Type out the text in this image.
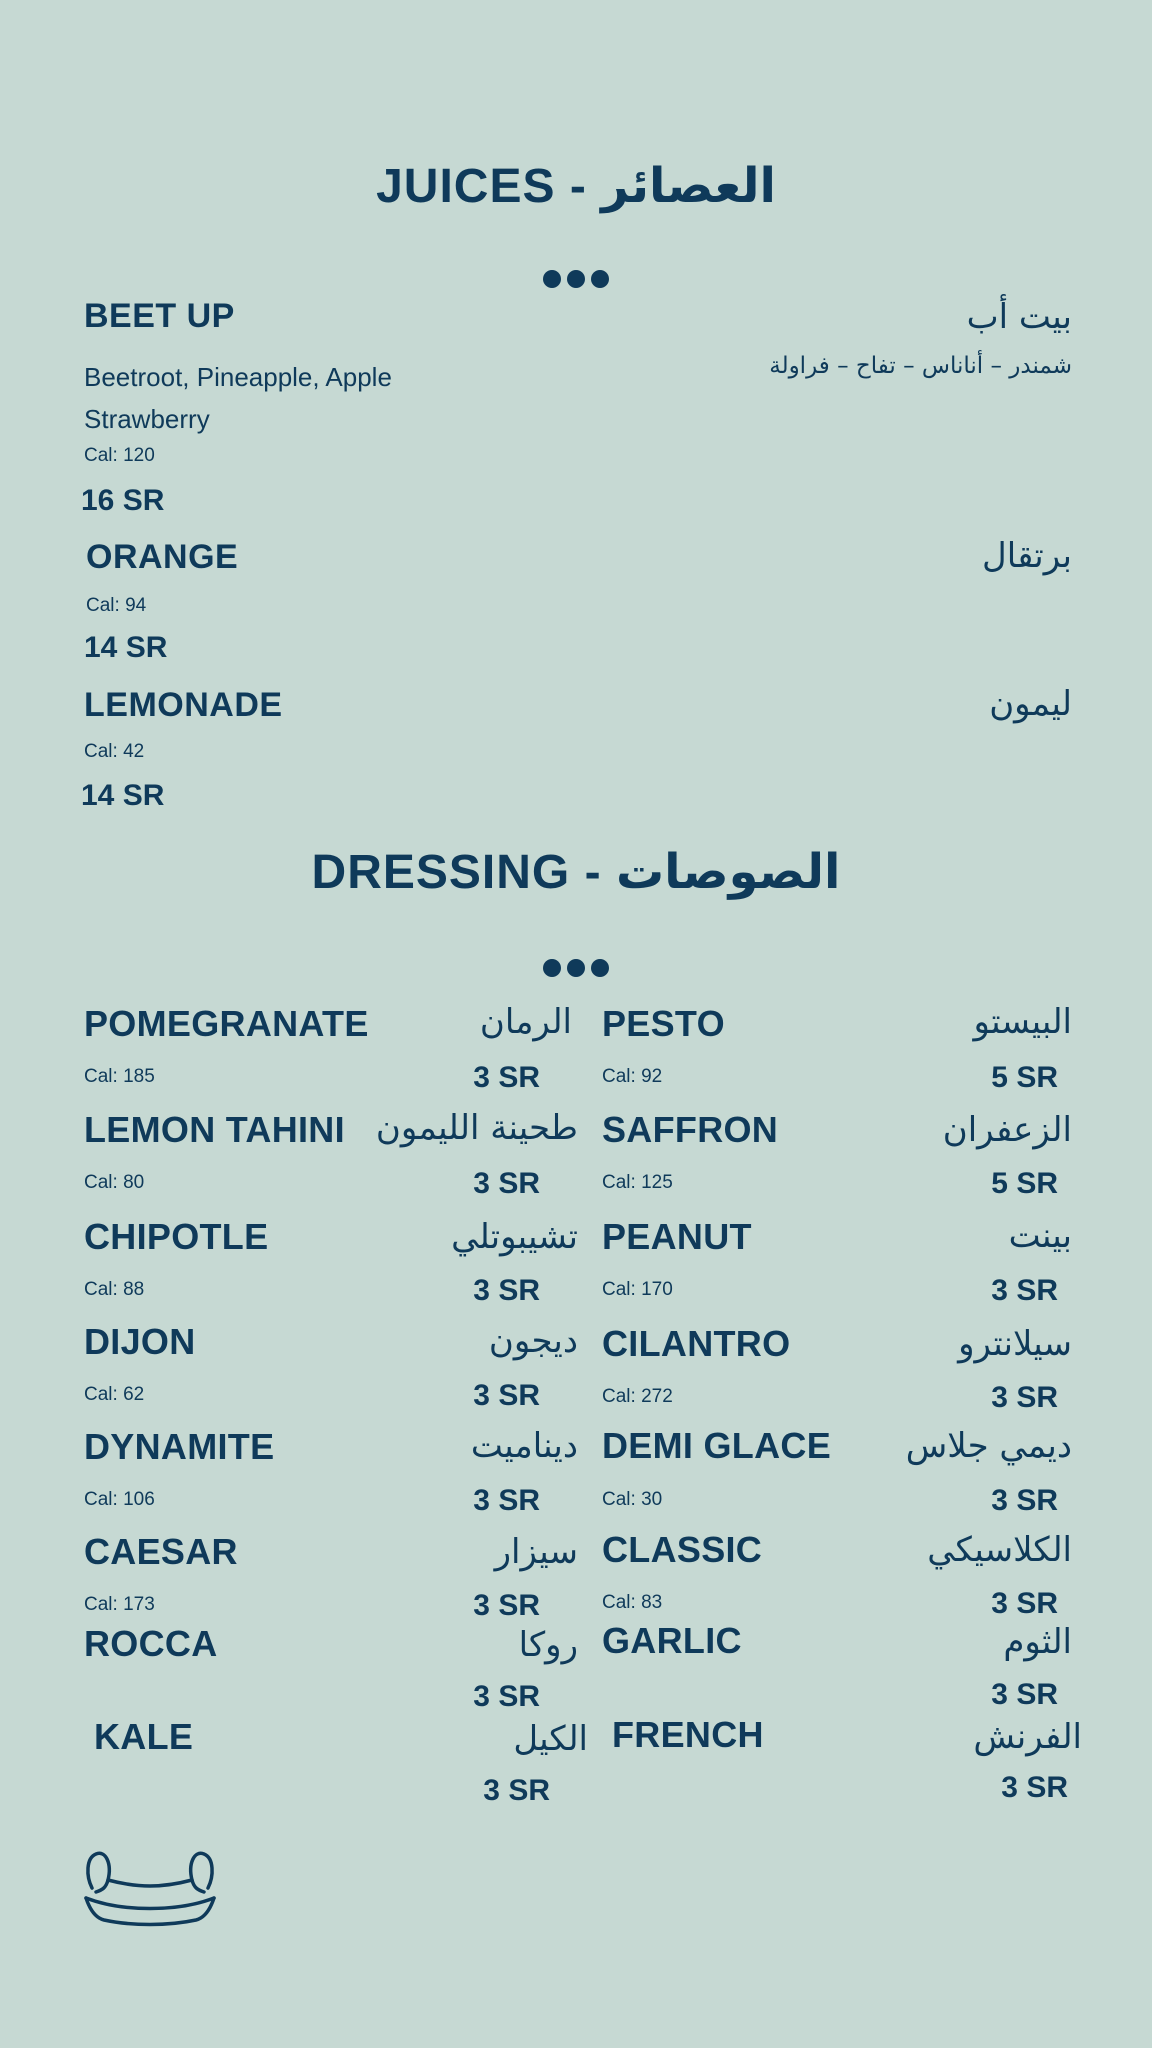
JUICES - العصائر
BEET UP	بيت أب
Beetroot, Pineapple, Apple
Strawberry
شمندر – أناناس – تفاح – فراولة
Cal: 120
16 SR
ORANGE	برتقال
Cal: 94
14 SR
LEMONADE	ليمون
Cal: 42
14 SR
DRESSING - الصوصات
POMEGRANATE	الرمان
Cal: 185	3 SR
LEMON TAHINI طحينة الليمون
Cal: 80	3 SR
CHIPOTLE	تشيبوتلي
Cal: 88	3 SR
DIJON	ديجون
Cal: 62	3 SR
DYNAMITE	ديناميت
Cal: 106	3 SR
CAESAR	سيزار
Cal: 173	3 SR
ROCCA	روكا
3 SR
KALE	الكيل
3 SR
PESTO	البيستو
Cal: 92	5 SR
SAFFRON	الزعفران
Cal: 125	5 SR
PEANUT	بينت
Cal: 170	3 SR
CILANTRO	سيلانترو
Cal: 272	3 SR
DEMI GLACE	ديمي جلاس
Cal: 30	3 SR
CLASSIC	الكلاسيكي
Cal: 83	3 SR
GARLIC	الثوم
3 SR
FRENCH	الفرنش
3 SR
